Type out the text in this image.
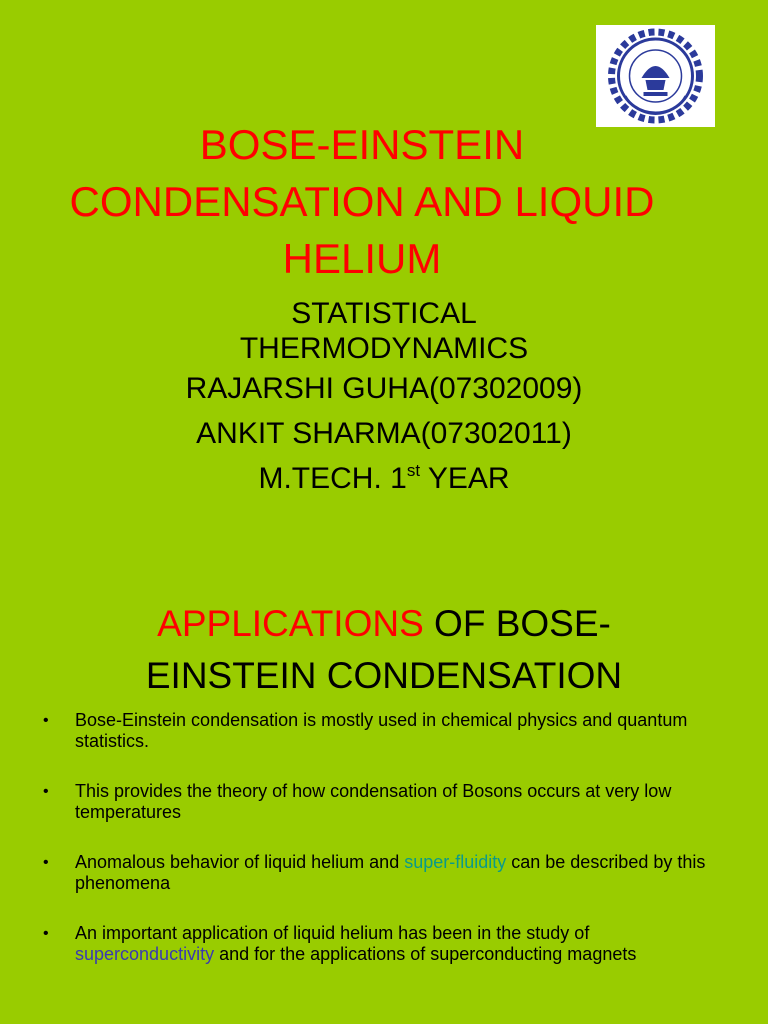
BOSE-EINSTEIN
CONDENSATION AND LIQUID
HELIUM
STATISTICAL
THERMODYNAMICS
RAJARSHI GUHA(07302009)
ANKIT SHARMA(07302011)
M.TECH. 1st YEAR
APPLICATIONS OF BOSE-
EINSTEIN CONDENSATION
• Bose-Einstein condensation is mostly used in chemical physics and quantum statistics.
• This provides the theory of how condensation of Bosons occurs at very low temperatures
• Anomalous behavior of liquid helium and super-fluidity can be described by this phenomena
• An important application of liquid helium has been in the study of superconductivity and for the applications of superconducting magnets
